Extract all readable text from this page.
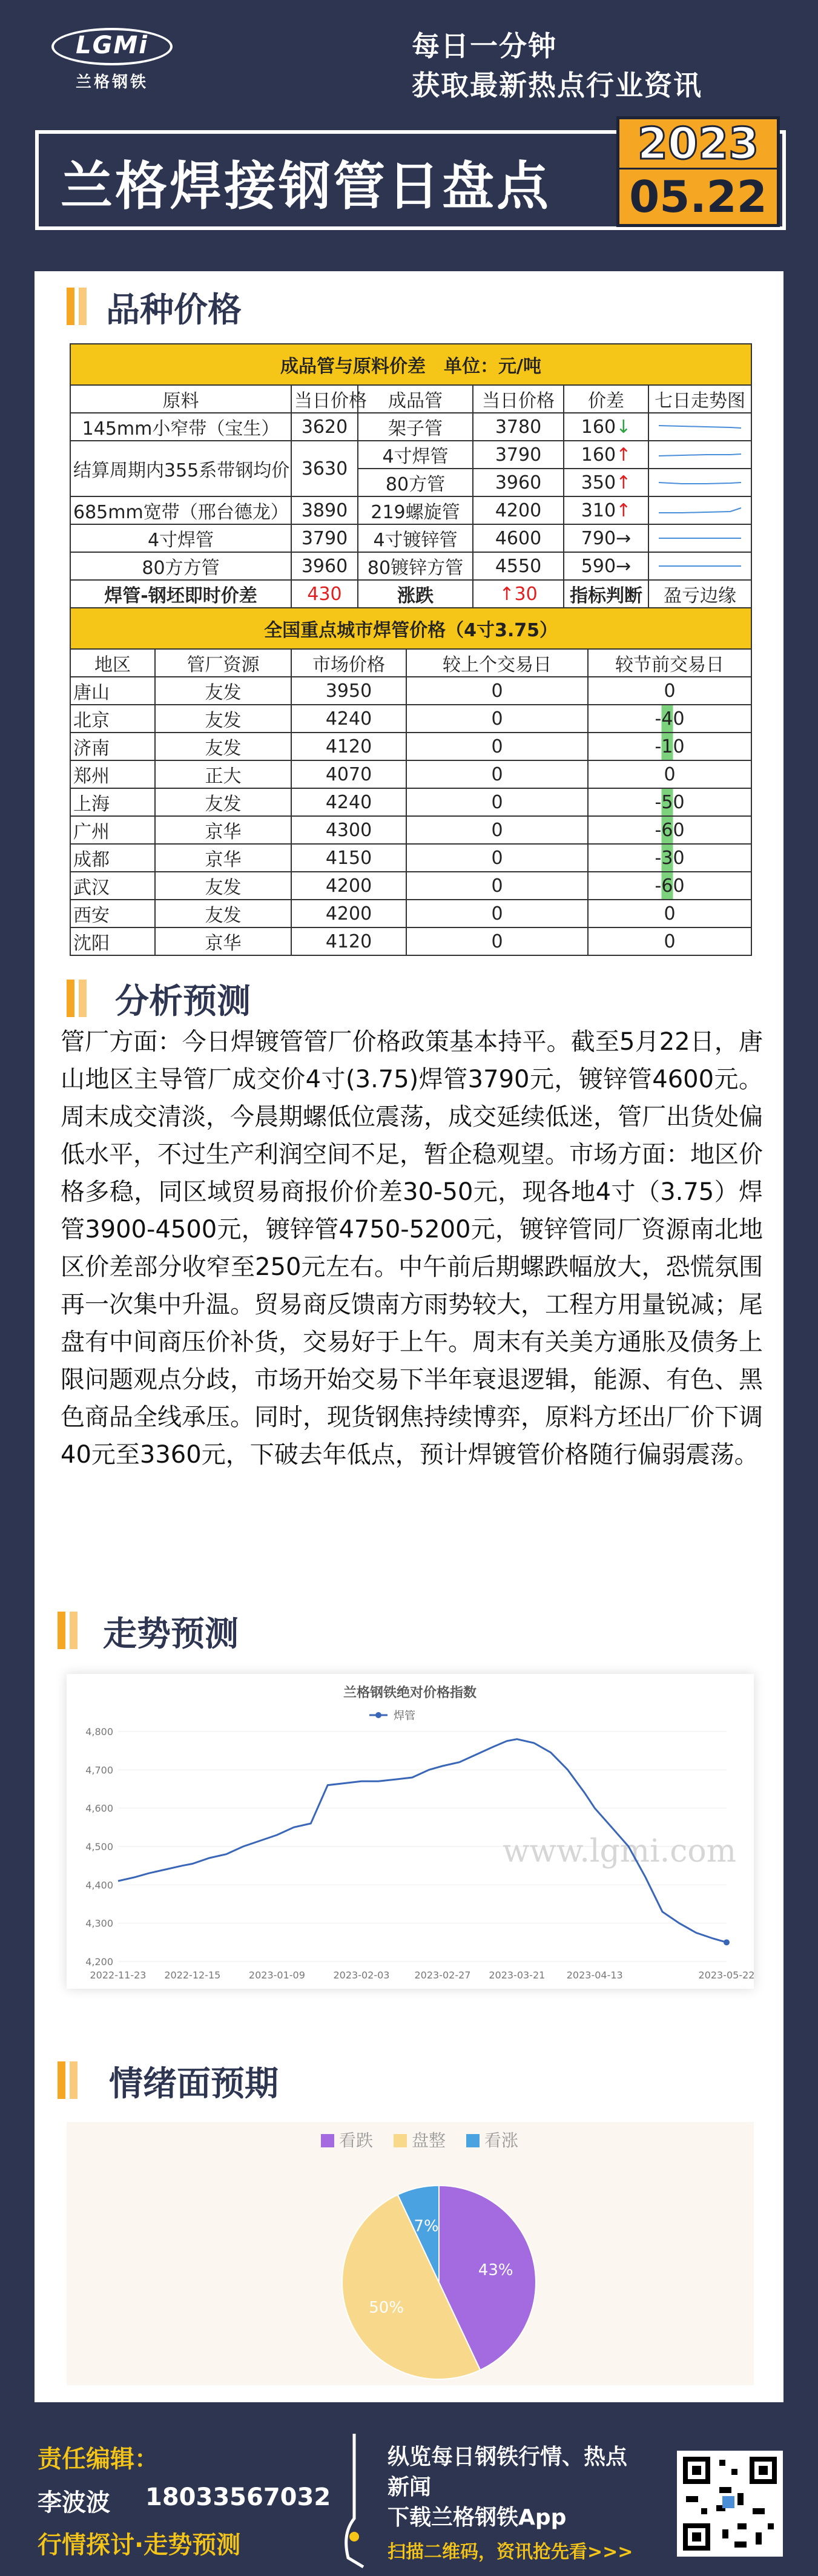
LGMi
兰格钢铁
每日一分钟
获取最新热点行业资讯
兰格焊接钢管日盘点
2023
05.22
品种价格
成品管与原料价差　单位：元/吨					
原料	当日价格	成品管	当日价格	价差	七日走势图
145mm小窄带（宝生）	3620	架子管	3780	160↓	

结算周期内355系带钢均价	3630	4寸焊管	3790	160↑	

		80方管	3960	350↑	

685mm宽带（邢台德龙）	3890	219螺旋管	4200	310↑	

4寸焊管	3790	4寸镀锌管	4600	790→	

80方方管	3960	80镀锌方管	4550	590→	

焊管-钢坯即时价差	430	涨跌	↑30	指标判断	盈亏边缘
全国重点城市焊管价格（4寸3.75）				
地区	管厂资源	市场价格	较上个交易日	较节前交易日
唐山	友发	3950	0	0
北京	友发	4240	0	-40
济南	友发	4120	0	-10
郑州	正大	4070	0	0
上海	友发	4240	0	-50
广州	京华	4300	0	-60
成都	京华	4150	0	-30
武汉	友发	4200	0	-60
西安	友发	4200	0	0
沈阳	京华	4120	0	0
分析预测
管厂方面：今日焊镀管管厂价格政策基本持平。截至5月22日，唐山地区主导管厂成交价4寸(3.75)焊管3790元，镀锌管4600元。周末成交清淡，今晨期螺低位震荡，成交延续低迷，管厂出货处偏低水平，不过生产利润空间不足，暂企稳观望。市场方面：地区价格多稳，同区域贸易商报价价差30-50元，现各地4寸（3.75）焊管3900-4500元，镀锌管4750-5200元，镀锌管同厂资源南北地区价差部分收窄至250元左右。中午前后期螺跌幅放大，恐慌氛围再一次集中升温。贸易商反馈南方雨势较大，工程方用量锐减；尾盘有中间商压价补货，交易好于上午。周末有关美方通胀及债务上限问题观点分歧，市场开始交易下半年衰退逻辑，能源、有色、黑色商品全线承压。同时，现货钢焦持续博弈，原料方坯出厂价下调40元至3360元，下破去年低点，预计焊镀管价格随行偏弱震荡。
走势预测
兰格钢铁绝对价格指数
焊管
4,200
4,300
4,400
4,500
4,600
4,700
4,800
2022-11-23 2022-12-15	2023-01-09	2023-02-03	2023-02-27 2023-03-21 2023-04-13	2023-05-22
www.lgmi.com
情绪面预期
看跌 盘整 看涨
43%
50%
7%
责任编辑：
李波波 18033567032
行情探讨·走势预测
纵览每日钢铁行情、热点
新闻
下载兰格钢铁App
扫描二维码，资讯抢先看>>>
